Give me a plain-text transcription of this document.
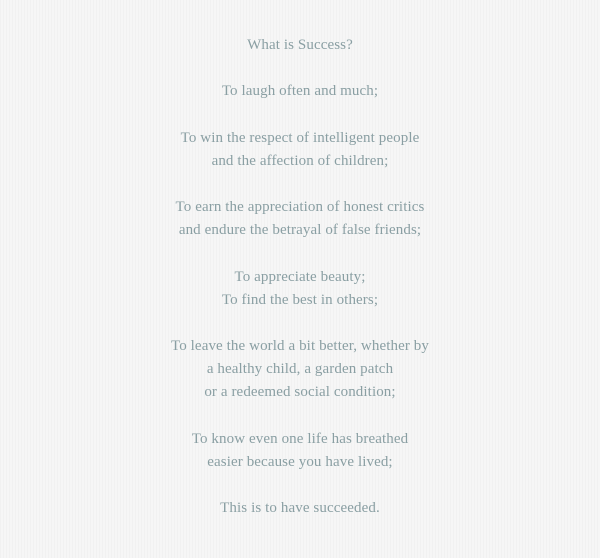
What is Success?
To laugh often and much;
To win the respect of intelligent people
and the affection of children;
To earn the appreciation of honest critics
and endure the betrayal of false friends;
To appreciate beauty;
To find the best in others;
To leave the world a bit better, whether by
a healthy child, a garden patch
or a redeemed social condition;
To know even one life has breathed
easier because you have lived;
This is to have succeeded.
